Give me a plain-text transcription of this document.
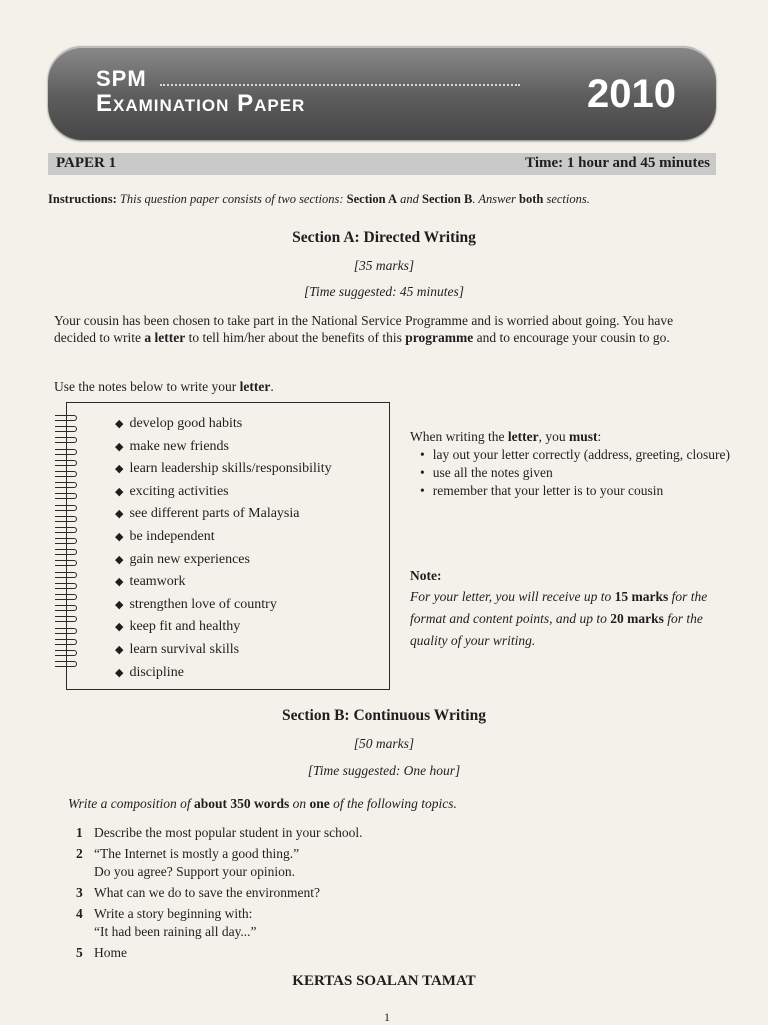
SPM
Examination Paper	2010
PAPER 1	Time: 1 hour and 45 minutes
Instructions: This question paper consists of two sections: Section A and Section B. Answer both sections.
Section A: Directed Writing
[35 marks]
[Time suggested: 45 minutes]
Your cousin has been chosen to take part in the National Service Programme and is worried about going. You have decided to write a letter to tell him/her about the benefits of this programme and to encourage your cousin to go.
Use the notes below to write your letter.
◆ develop good habits
◆ make new friends
◆ learn leadership skills/responsibility
◆ exciting activities
◆ see different parts of Malaysia
◆ be independent
◆ gain new experiences
◆ teamwork
◆ strengthen love of country
◆ keep fit and healthy
◆ learn survival skills
◆ discipline
When writing the letter, you must:
• lay out your letter correctly (address, greeting, closure)
• use all the notes given
• remember that your letter is to your cousin
Note:
For your letter, you will receive up to 15 marks for the format and content points, and up to 20 marks for the quality of your writing.
Section B: Continuous Writing
[50 marks]
[Time suggested: One hour]
Write a composition of about 350 words on one of the following topics.
1 Describe the most popular student in your school.
2 “The Internet is mostly a good thing.”
Do you agree? Support your opinion.
3 What can we do to save the environment?
4 Write a story beginning with:
“It had been raining all day...”
5 Home
KERTAS SOALAN TAMAT
1
